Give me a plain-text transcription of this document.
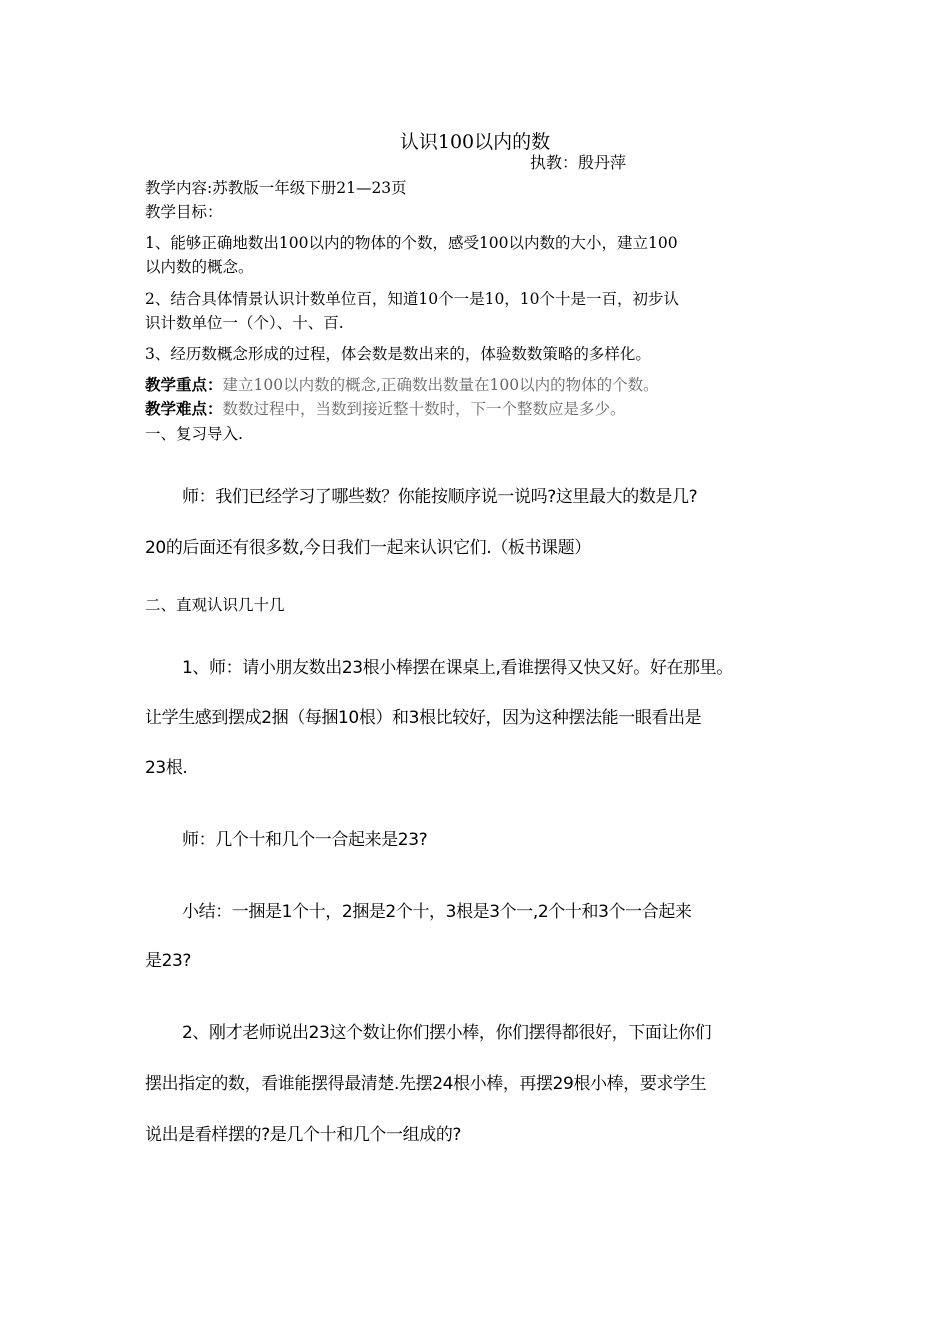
认识100以内的数
执教：殷丹萍
教学内容:苏教版一年级下册21—23页
教学目标：
1、能够正确地数出100以内的物体的个数，感受100以内数的大小，建立100
以内数的概念。
2、结合具体情景认识计数单位百，知道10个一是10，10个十是一百，初步认
识计数单位一（个）、十、百.
3、经历数概念形成的过程，体会数是数出来的，体验数数策略的多样化。
教学重点：建立100以内数的概念,正确数出数量在100以内的物体的个数。
教学难点：数数过程中，当数到接近整十数时，下一个整数应是多少。
一、复习导入.
师：我们已经学习了哪些数？你能按顺序说一说吗?这里最大的数是几?
20的后面还有很多数,今日我们一起来认识它们.（板书课题）
二、直观认识几十几
1、师：请小朋友数出23根小棒摆在课桌上,看谁摆得又快又好。好在那里。
让学生感到摆成2捆（每捆10根）和3根比较好，因为这种摆法能一眼看出是
23根.
师：几个十和几个一合起来是23?
小结：一捆是1个十，2捆是2个十，3根是3个一,2个十和3个一合起来
是23?
2、刚才老师说出23这个数让你们摆小棒，你们摆得都很好，下面让你们
摆出指定的数，看谁能摆得最清楚.先摆24根小棒，再摆29根小棒，要求学生
说出是看样摆的?是几个十和几个一组成的?
